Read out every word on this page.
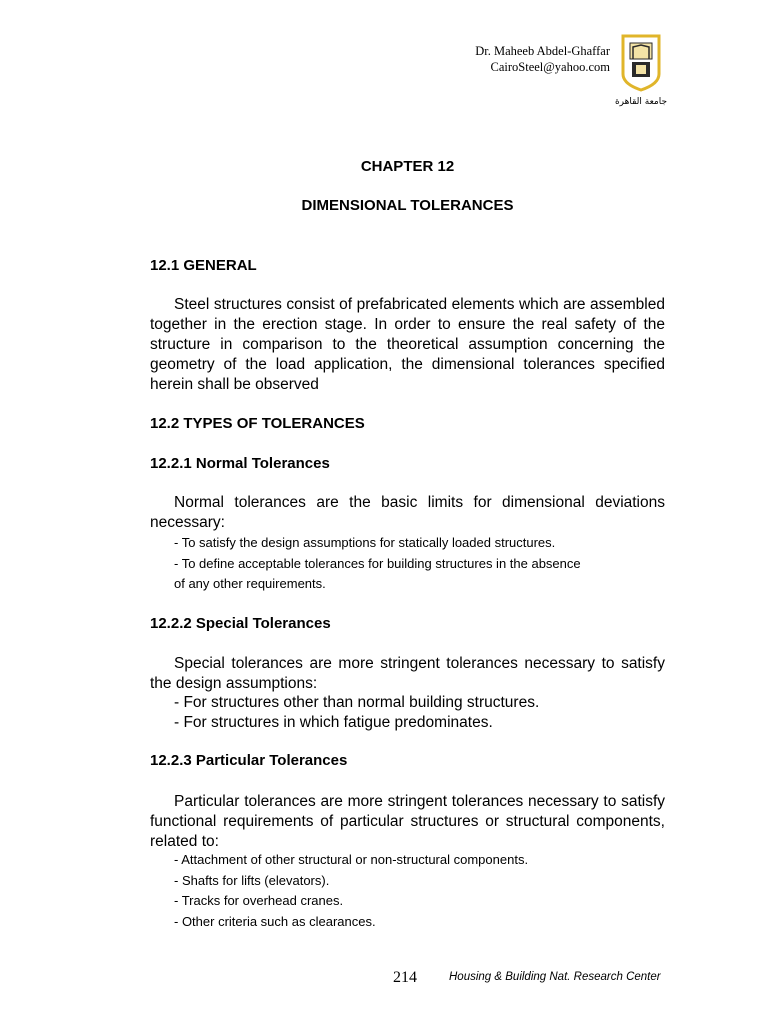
Dr. Maheeb Abdel-Ghaffar
CairoSteel@yahoo.com
جامعة القاهرة
CHAPTER 12
DIMENSIONAL TOLERANCES
12.1 GENERAL
Steel structures consist of prefabricated elements which are assembled together in the erection stage. In order to ensure the real safety of the structure in comparison to the theoretical assumption concerning the geometry of the load application, the dimensional tolerances specified herein shall be observed
12.2 TYPES OF TOLERANCES
12.2.1 Normal Tolerances
Normal tolerances are the basic limits for dimensional deviations necessary:
- To satisfy the design assumptions for statically loaded structures.
- To define acceptable tolerances for building structures in the absence
of any other requirements.
12.2.2 Special Tolerances
Special tolerances are more stringent tolerances necessary to satisfy the design assumptions:
- For structures other than normal building structures.
- For structures in which fatigue predominates.
12.2.3 Particular Tolerances
Particular tolerances are more stringent tolerances necessary to satisfy functional requirements of particular structures or structural components, related to:
- Attachment of other structural or non-structural components.
- Shafts for lifts (elevators).
- Tracks for overhead cranes.
- Other criteria such as clearances.
214	Housing & Building Nat. Research Center
